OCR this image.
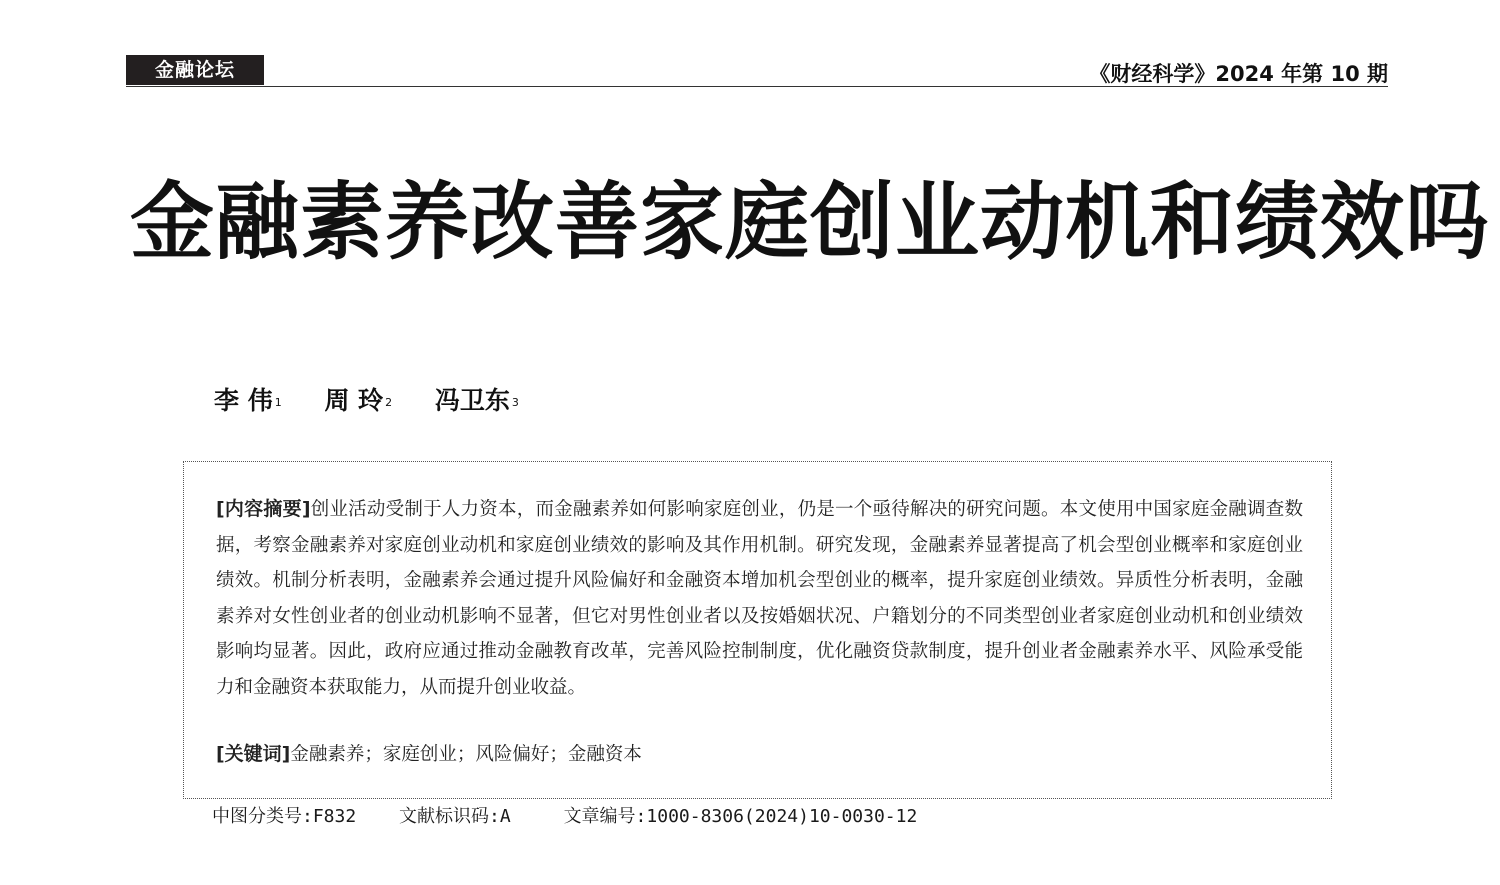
金融论坛	《财经科学》2024 年第 10 期
金融素养改善家庭创业动机和绩效吗
李 伟 $^1$ 周 玲 $^2$ 冯卫东 $^3$
[内容摘要]创业活动受制于人力资本，而金融素养如何影响家庭创业，仍是一个亟待解决的研究问题。本文使用中国家庭金融调查数据，考察金融素养对家庭创业动机和家庭创业绩效的影响及其作用机制。研究发现，金融素养显著提高了机会型创业概率和家庭创业绩效。机制分析表明，金融素养会通过提升风险偏好和金融资本增加机会型创业的概率，提升家庭创业绩效。异质性分析表明，金融素养对女性创业者的创业动机影响不显著，但它对男性创业者以及按婚姻状况、户籍划分的不同类型创业者家庭创业动机和创业绩效影响均显著。因此，政府应通过推动金融教育改革，完善风险控制制度，优化融资贷款制度，提升创业者金融素养水平、风险承受能力和金融资本获取能力，从而提升创业收益。
[关键词]金融素养；家庭创业；风险偏好；金融资本
中图分类号:F832 文献标识码:A	文章编号:1000-8306(2024)10-0030-12
